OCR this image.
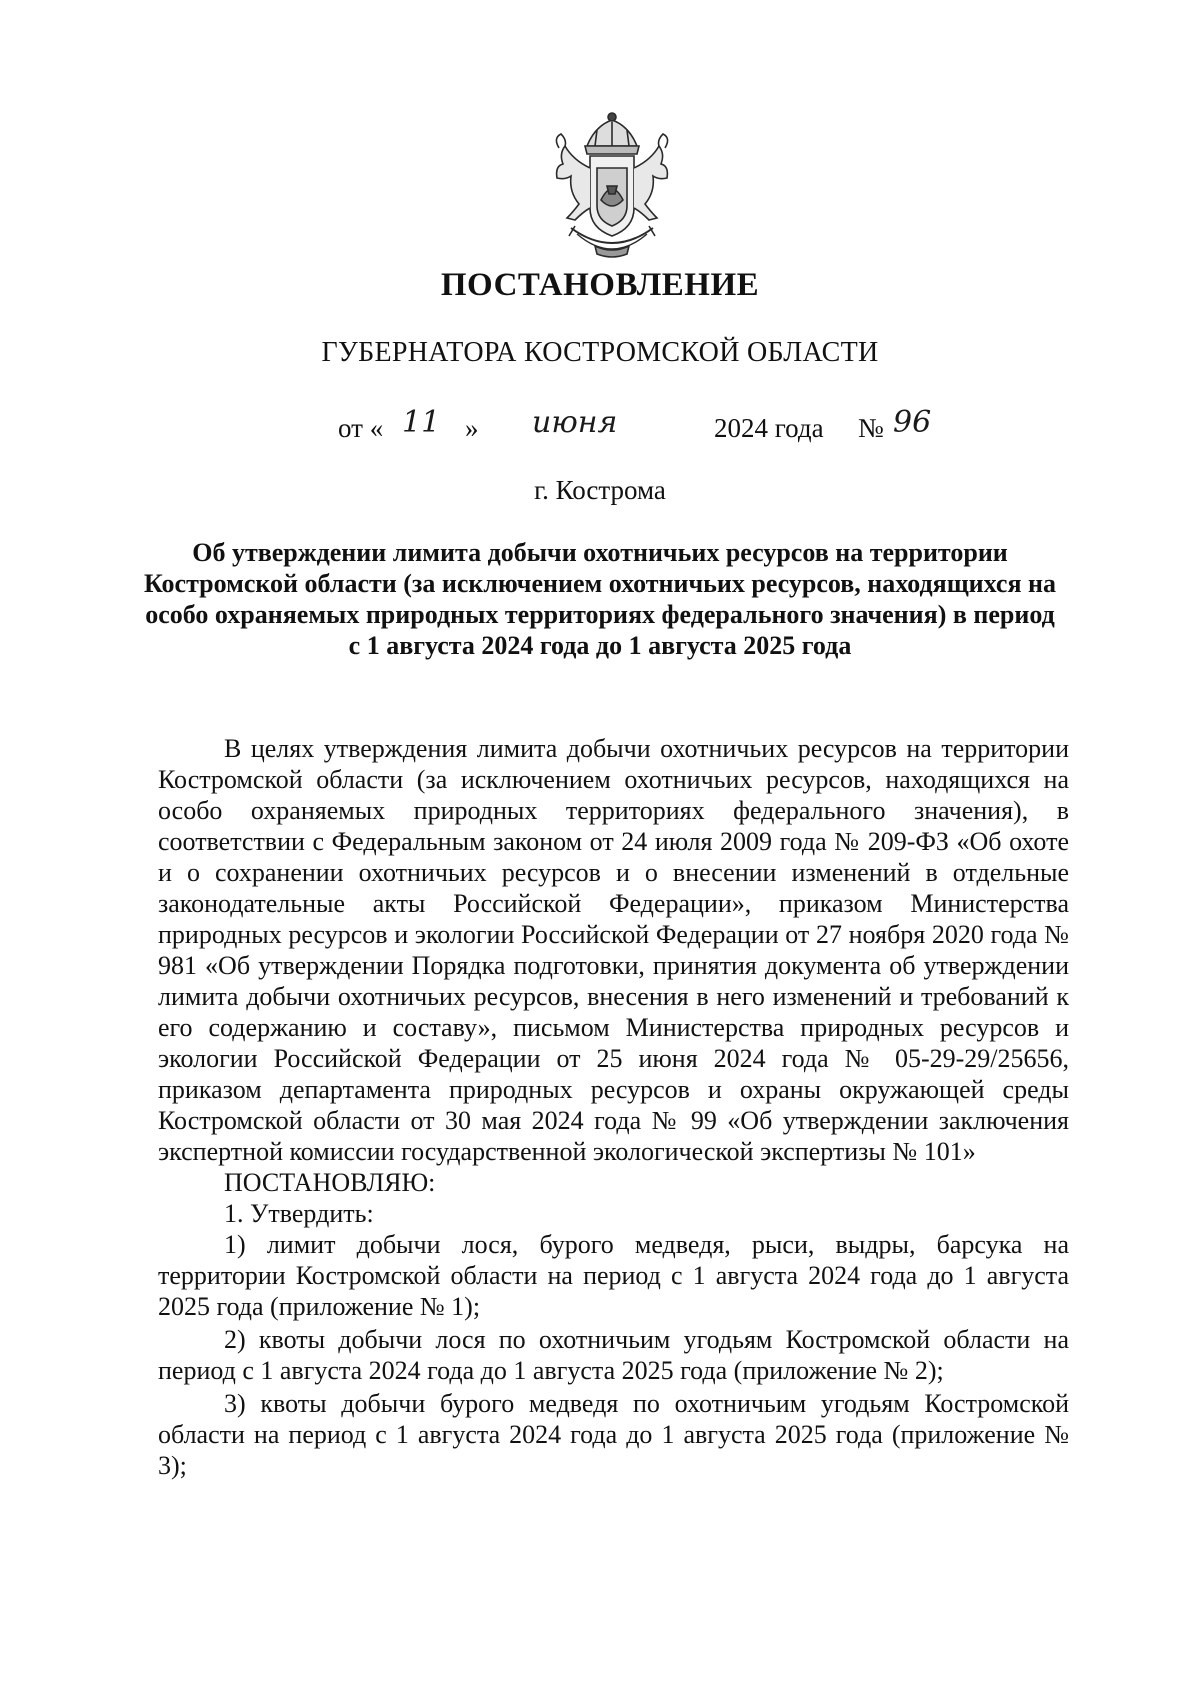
ПОСТАНОВЛЕНИЕ
ГУБЕРНАТОРА КОСТРОМСКОЙ ОБЛАСТИ
от « 11 » июня	2024 года № 96
г. Кострома
Об утверждении лимита добычи охотничьих ресурсов на территории Костромской области (за исключением охотничьих ресурсов, находящихся на особо охраняемых природных территориях федерального значения) в период с 1 августа 2024 года до 1 августа 2025 года

В целях утверждения лимита добычи охотничьих ресурсов на территории Костромской области (за исключением охотничьих ресурсов, находящихся на особо охраняемых природных территориях федерального значения), в соответствии с Федеральным законом от 24 июля 2009 года № 209-ФЗ «Об охоте и о сохранении охотничьих ресурсов и о внесении изменений в отдельные законодательные акты Российской Федерации», приказом Министерства природных ресурсов и экологии Российской Федерации от 27 ноября 2020 года № 981 «Об утверждении Порядка подготовки, принятия документа об утверждении лимита добычи охотничьих ресурсов, внесения в него изменений и требований к его содержанию и составу», письмом Министерства природных ресурсов и экологии Российской Федерации от 25 июня 2024 года № 05-29-29/25656, приказом департамента природных ресурсов и охраны окружающей среды Костромской области от 30 мая 2024 года № 99 «Об утверждении заключения экспертной комиссии государственной экологической экспертизы № 101»

ПОСТАНОВЛЯЮ:

1. Утвердить:

1) лимит добычи лося, бурого медведя, рыси, выдры, барсука на территории Костромской области на период с 1 августа 2024 года до 1 августа 2025 года (приложение № 1);

2) квоты добычи лося по охотничьим угодьям Костромской области на период с 1 августа 2024 года до 1 августа 2025 года (приложение № 2);

3) квоты добычи бурого медведя по охотничьим угодьям Костромской области на период с 1 августа 2024 года до 1 августа 2025 года (приложение № 3);
